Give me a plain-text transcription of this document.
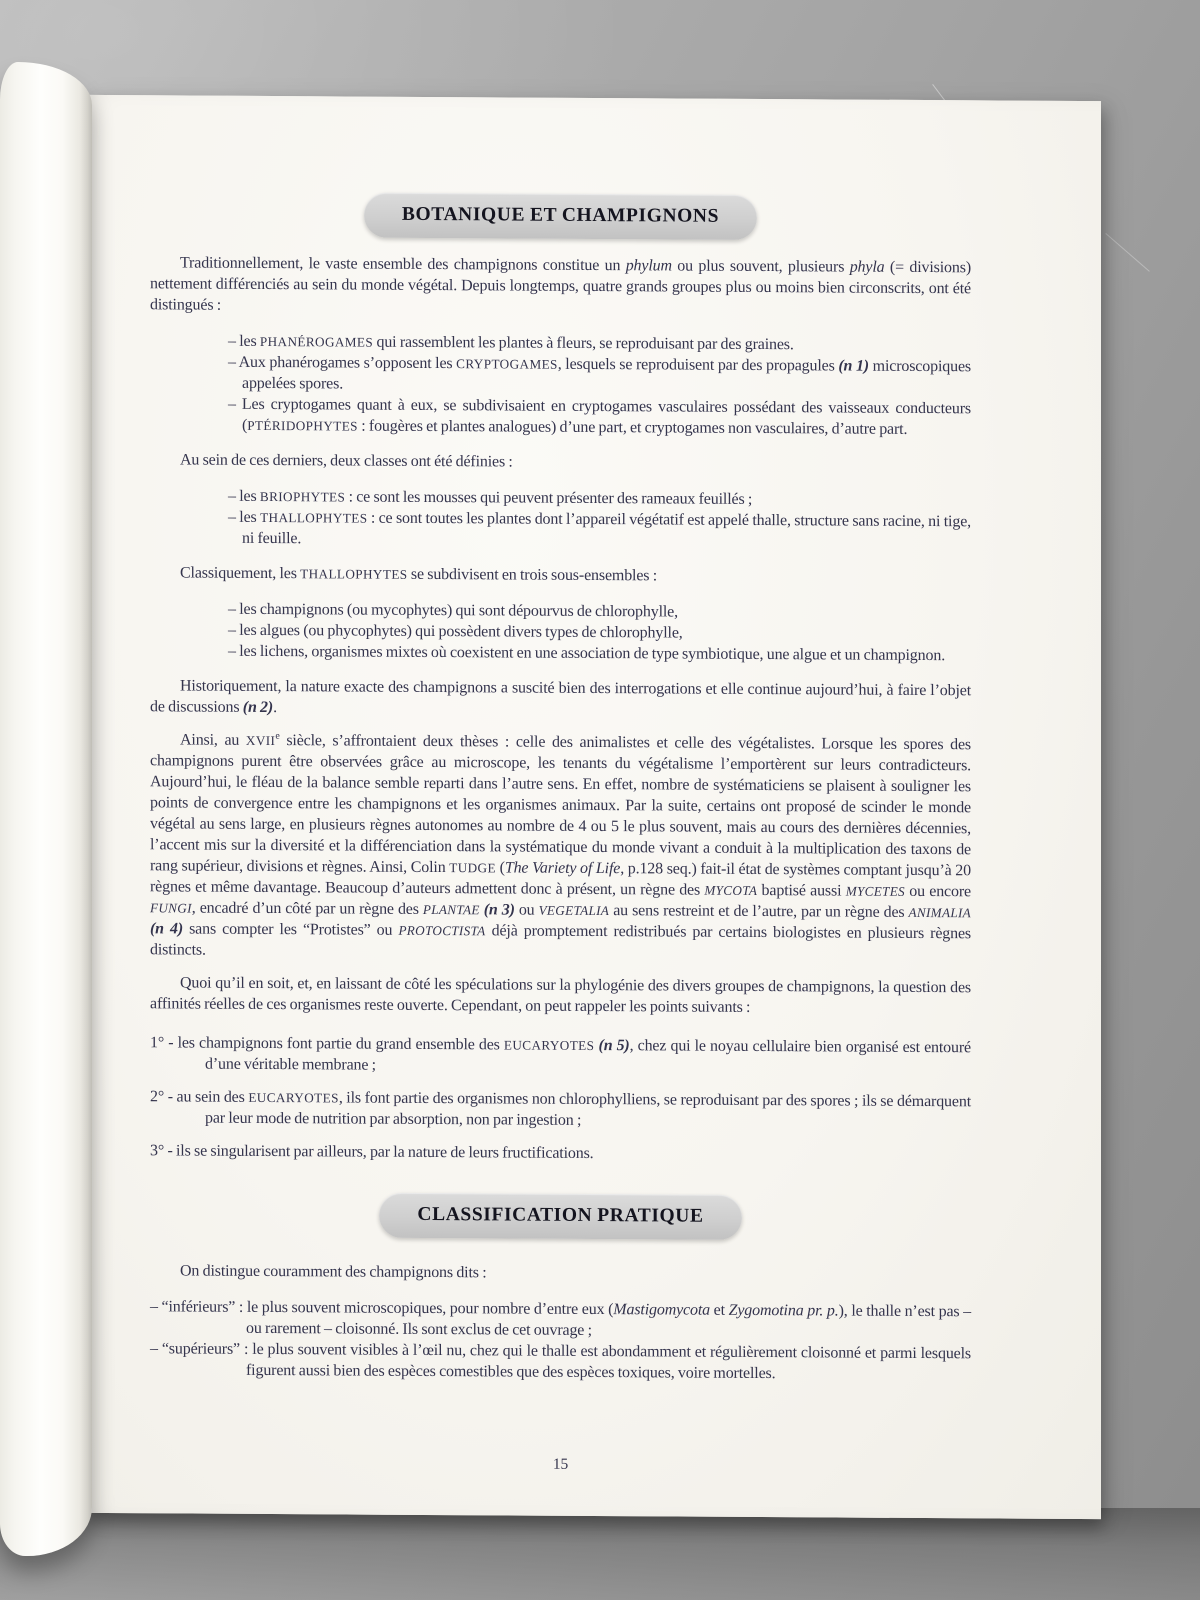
BOTANIQUE ET CHAMPIGNONS

Traditionnellement, le vaste ensemble des champignons constitue un phylum ou plus souvent, plusieurs phyla (= divisions) nettement différenciés au sein du monde végétal. Depuis longtemps, quatre grands groupes plus ou moins bien circonscrits, ont été distingués :

– les PHANÉROGAMES qui rassemblent les plantes à fleurs, se reproduisant par des graines.

– Aux phanérogames s’opposent les CRYPTOGAMES, lesquels se reproduisent par des propagules (n 1) microscopiques appelées spores.

– Les cryptogames quant à eux, se subdivisaient en cryptogames vasculaires possédant des vaisseaux conducteurs (PTÉRIDOPHYTES : fougères et plantes analogues) d’une part, et cryptogames non vasculaires, d’autre part.

Au sein de ces derniers, deux classes ont été définies :

– les BRIOPHYTES : ce sont les mousses qui peuvent présenter des rameaux feuillés ;

– les THALLOPHYTES : ce sont toutes les plantes dont l’appareil végétatif est appelé thalle, structure sans racine, ni tige, ni feuille.

Classiquement, les THALLOPHYTES se subdivisent en trois sous-ensembles :

– les champignons (ou mycophytes) qui sont dépourvus de chlorophylle,

– les algues (ou phycophytes) qui possèdent divers types de chlorophylle,

– les lichens, organismes mixtes où coexistent en une association de type symbiotique, une algue et un champignon.

Historiquement, la nature exacte des champignons a suscité bien des interrogations et elle continue aujourd’hui, à faire l’objet de discussions (n 2).

Ainsi, au XVIIe siècle, s’affrontaient deux thèses : celle des animalistes et celle des végétalistes. Lorsque les spores des champignons purent être observées grâce au microscope, les tenants du végétalisme l’emportèrent sur leurs contradicteurs. Aujourd’hui, le fléau de la balance semble reparti dans l’autre sens. En effet, nombre de systématiciens se plaisent à souligner les points de convergence entre les champignons et les organismes animaux. Par la suite, certains ont proposé de scinder le monde végétal au sens large, en plusieurs règnes autonomes au nombre de 4 ou 5 le plus souvent, mais au cours des dernières décennies, l’accent mis sur la diversité et la différenciation dans la systématique du monde vivant a conduit à la multiplication des taxons de rang supérieur, divisions et règnes. Ainsi, Colin TUDGE (The Variety of Life, p.128 seq.) fait-il état de systèmes comptant jusqu’à 20 règnes et même davantage. Beaucoup d’auteurs admettent donc à présent, un règne des MYCOTA baptisé aussi MYCETES ou encore FUNGI, encadré d’un côté par un règne des PLANTAE (n 3) ou VEGETALIA au sens restreint et de l’autre, par un règne des ANIMALIA (n 4) sans compter les “Protistes” ou PROTOCTISTA déjà promptement redistribués par certains biologistes en plusieurs règnes distincts.

Quoi qu’il en soit, et, en laissant de côté les spéculations sur la phylogénie des divers groupes de champignons, la question des affinités réelles de ces organismes reste ouverte. Cependant, on peut rappeler les points suivants :

1° - les champignons font partie du grand ensemble des EUCARYOTES (n 5), chez qui le noyau cellulaire bien organisé est entouré d’une véritable membrane ;

2° - au sein des EUCARYOTES, ils font partie des organismes non chlorophylliens, se reproduisant par des spores ; ils se démarquent par leur mode de nutrition par absorption, non par ingestion ;

3° - ils se singularisent par ailleurs, par la nature de leurs fructifications.

CLASSIFICATION PRATIQUE

On distingue couramment des champignons dits :

– “inférieurs” : le plus souvent microscopiques, pour nombre d’entre eux (Mastigomycota et Zygomotina pr. p.), le thalle n’est pas – ou rarement – cloisonné. Ils sont exclus de cet ouvrage ;

– “supérieurs” : le plus souvent visibles à l’œil nu, chez qui le thalle est abondamment et régulièrement cloisonné et parmi lesquels figurent aussi bien des espèces comestibles que des espèces toxiques, voire mortelles.

15
